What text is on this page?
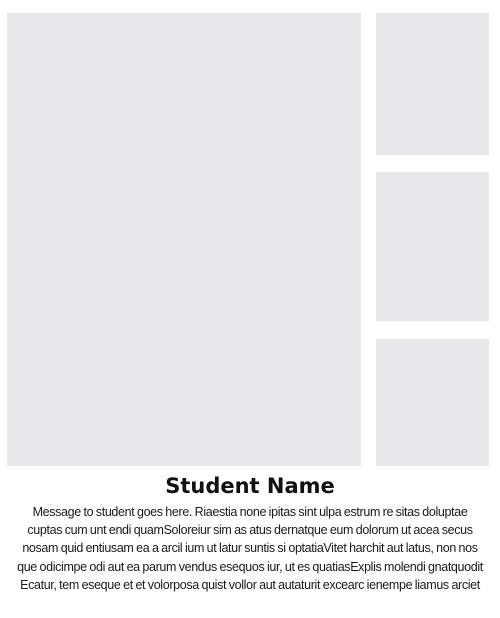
Student Name
Message to student goes here. Riaestia none ipitas sint ulpa estrum re sitas doluptae
cuptas cum unt endi quamSoloreiur sim as atus dernatque eum dolorum ut acea secus
nosam quid entiusam ea a arcil ium ut latur suntis si optatiaVitet harchit aut latus, non nos
que odicimpe odi aut ea parum vendus esequos iur, ut es quatiasExplis molendi gnatquodit
Ecatur, tem eseque et et volorposa quist vollor aut autaturit excearc ienempe liamus arciet
